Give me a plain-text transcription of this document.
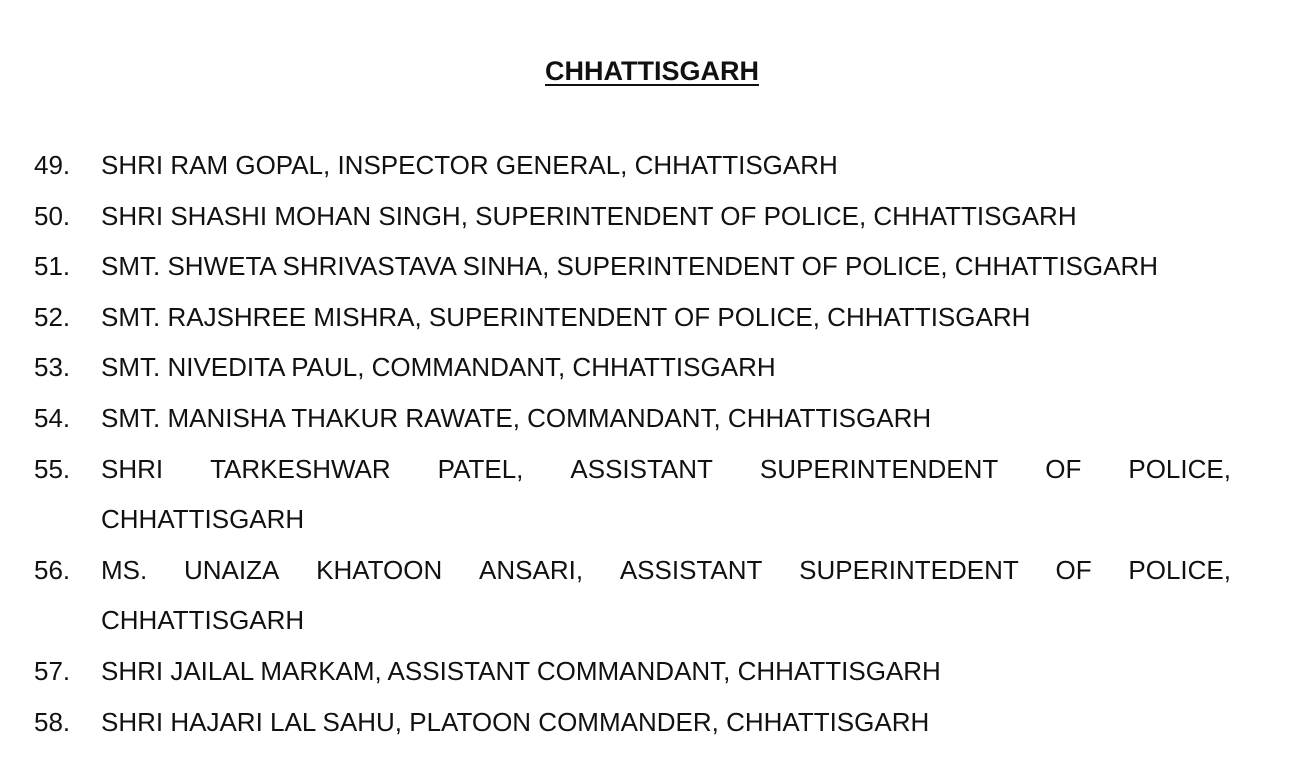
CHHATTISGARH
49. SHRI RAM GOPAL, INSPECTOR GENERAL, CHHATTISGARH
50. SHRI SHASHI MOHAN SINGH, SUPERINTENDENT OF POLICE, CHHATTISGARH
51. SMT. SHWETA SHRIVASTAVA SINHA, SUPERINTENDENT OF POLICE, CHHATTISGARH
52. SMT. RAJSHREE MISHRA, SUPERINTENDENT OF POLICE, CHHATTISGARH
53. SMT. NIVEDITA PAUL, COMMANDANT, CHHATTISGARH
54. SMT. MANISHA THAKUR RAWATE, COMMANDANT, CHHATTISGARH
55. SHRI TARKESHWAR PATEL, ASSISTANT SUPERINTENDENT OF POLICE,
CHHATTISGARH
56. MS. UNAIZA KHATOON ANSARI, ASSISTANT SUPERINTEDENT OF POLICE,
CHHATTISGARH
57. SHRI JAILAL MARKAM, ASSISTANT COMMANDANT, CHHATTISGARH
58. SHRI HAJARI LAL SAHU, PLATOON COMMANDER, CHHATTISGARH
